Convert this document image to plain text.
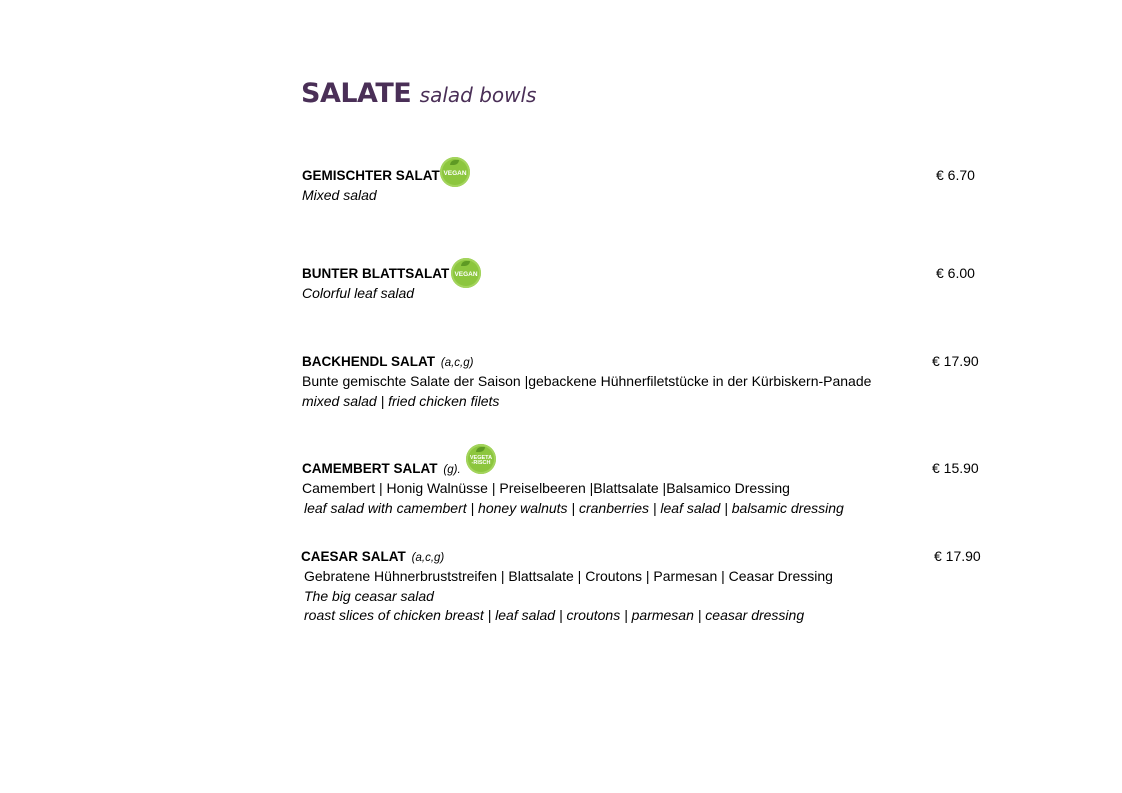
SALATE salad bowls
GEMISCHTER SALAT	€ 6.70
VEGAN
Mixed salad
BUNTER BLATTSALAT	€ 6.00
VEGAN
Colorful leaf salad
BACKHENDL SALAT (a,c,g)	€ 17.90
Bunte gemischte Salate der Saison |gebackene Hühnerfiletstücke in der Kürbiskern-Panade
mixed salad | fried chicken filets
CAMEMBERT SALAT (g).	€ 15.90
VEGETA-RISCH
Camembert | Honig Walnüsse | Preiselbeeren |Blattsalate |Balsamico Dressing
leaf salad with camembert | honey walnuts | cranberries | leaf salad | balsamic dressing
CAESAR SALAT (a,c,g)	€ 17.90
Gebratene Hühnerbruststreifen | Blattsalate | Croutons | Parmesan | Ceasar Dressing
The big ceasar salad
roast slices of chicken breast | leaf salad | croutons | parmesan | ceasar dressing
